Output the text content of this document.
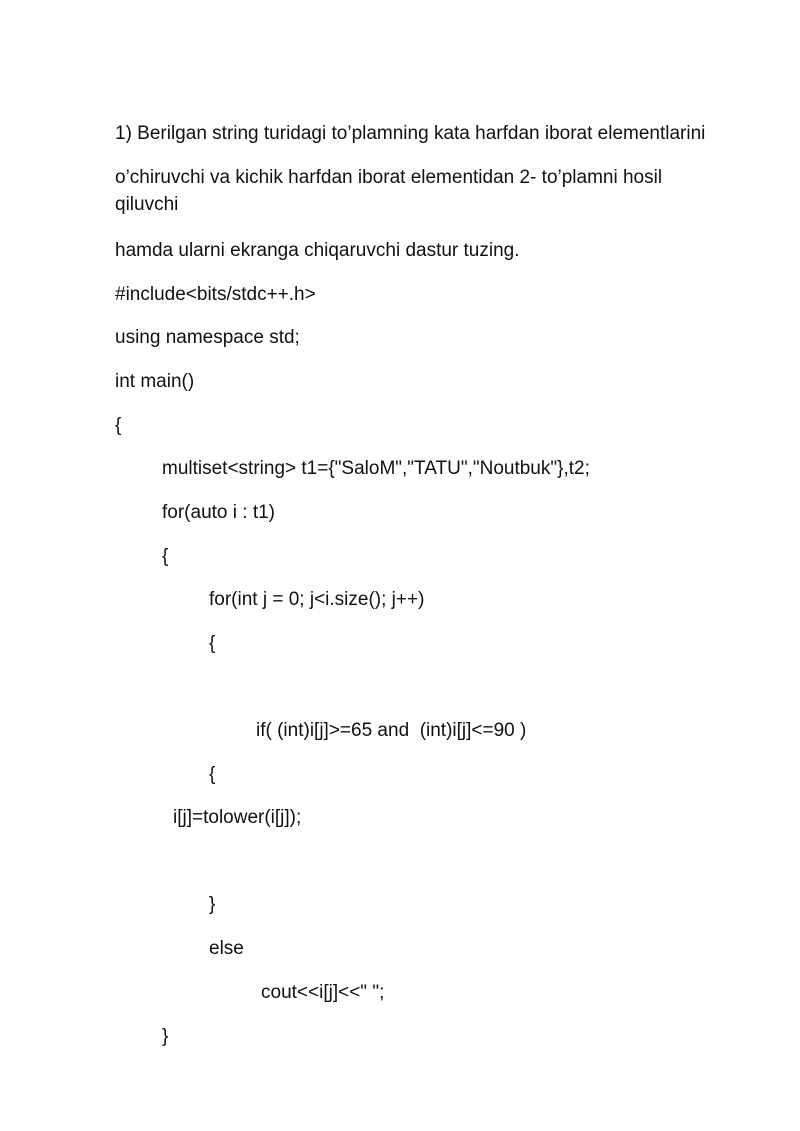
1) Berilgan string turidagi to’plamning kata harfdan iborat elementlarini

o’chiruvchi va kichik harfdan iborat elementidan 2- to’plamni hosil

qiluvchi

hamda ularni ekranga chiqaruvchi dastur tuzing.

#include<bits/stdc++.h>

using namespace std;

int main()

{

multiset<string> t1={"SaloM","TATU","Noutbuk"},t2;

for(auto i : t1)

{

for(int j = 0; j<i.size(); j++)

{

if( (int)i[j]>=65 and  (int)i[j]<=90 )

{

i[j]=tolower(i[j]);

}

else

cout<<i[j]<<" ";

}
